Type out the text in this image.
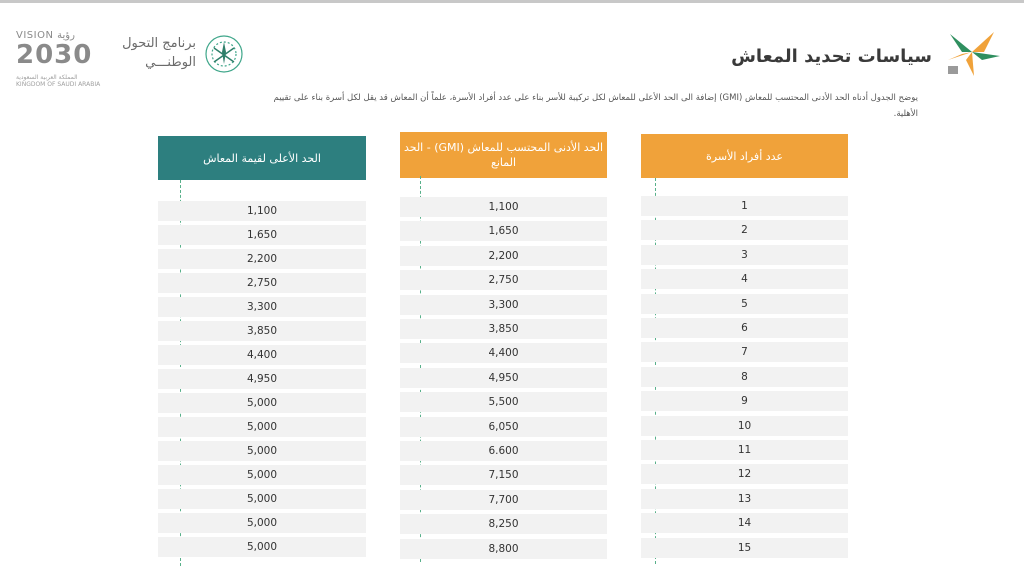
VISION رؤية
2030
المملكة العربية السعودية KINGDOM OF SAUDI ARABIA
برنامج التحول
الوطنـــي	سياسات تحديد المعاش
يوضح الجدول أدناه الحد الأدنى المحتسب للمعاش (GMI) إضافة الى الحد الأعلى للمعاش لكل تركيبة للأسر بناء على عدد أفراد الأسرة، علماً أن المعاش قد يقل لكل أسرة بناء على تقييم الأهلية.
الحد الأعلى لقيمة المعاش
1,100
1,650
2,200
2,750
3,300
3,850
4,400
4,950
5,000
5,000
5,000
5,000
5,000
5,000
5,000
الحد الأدنى المحتسب للمعاش (GMI) - الحد المانع
1,100
1,650
2,200
2,750
3,300
3,850
4,400
4,950
5,500
6,050
6.600
7,150
7,700
8,250
8,800
عدد أفراد الأسرة
1
2
3
4
5
6
7
8
9
10
11
12
13
14
15
